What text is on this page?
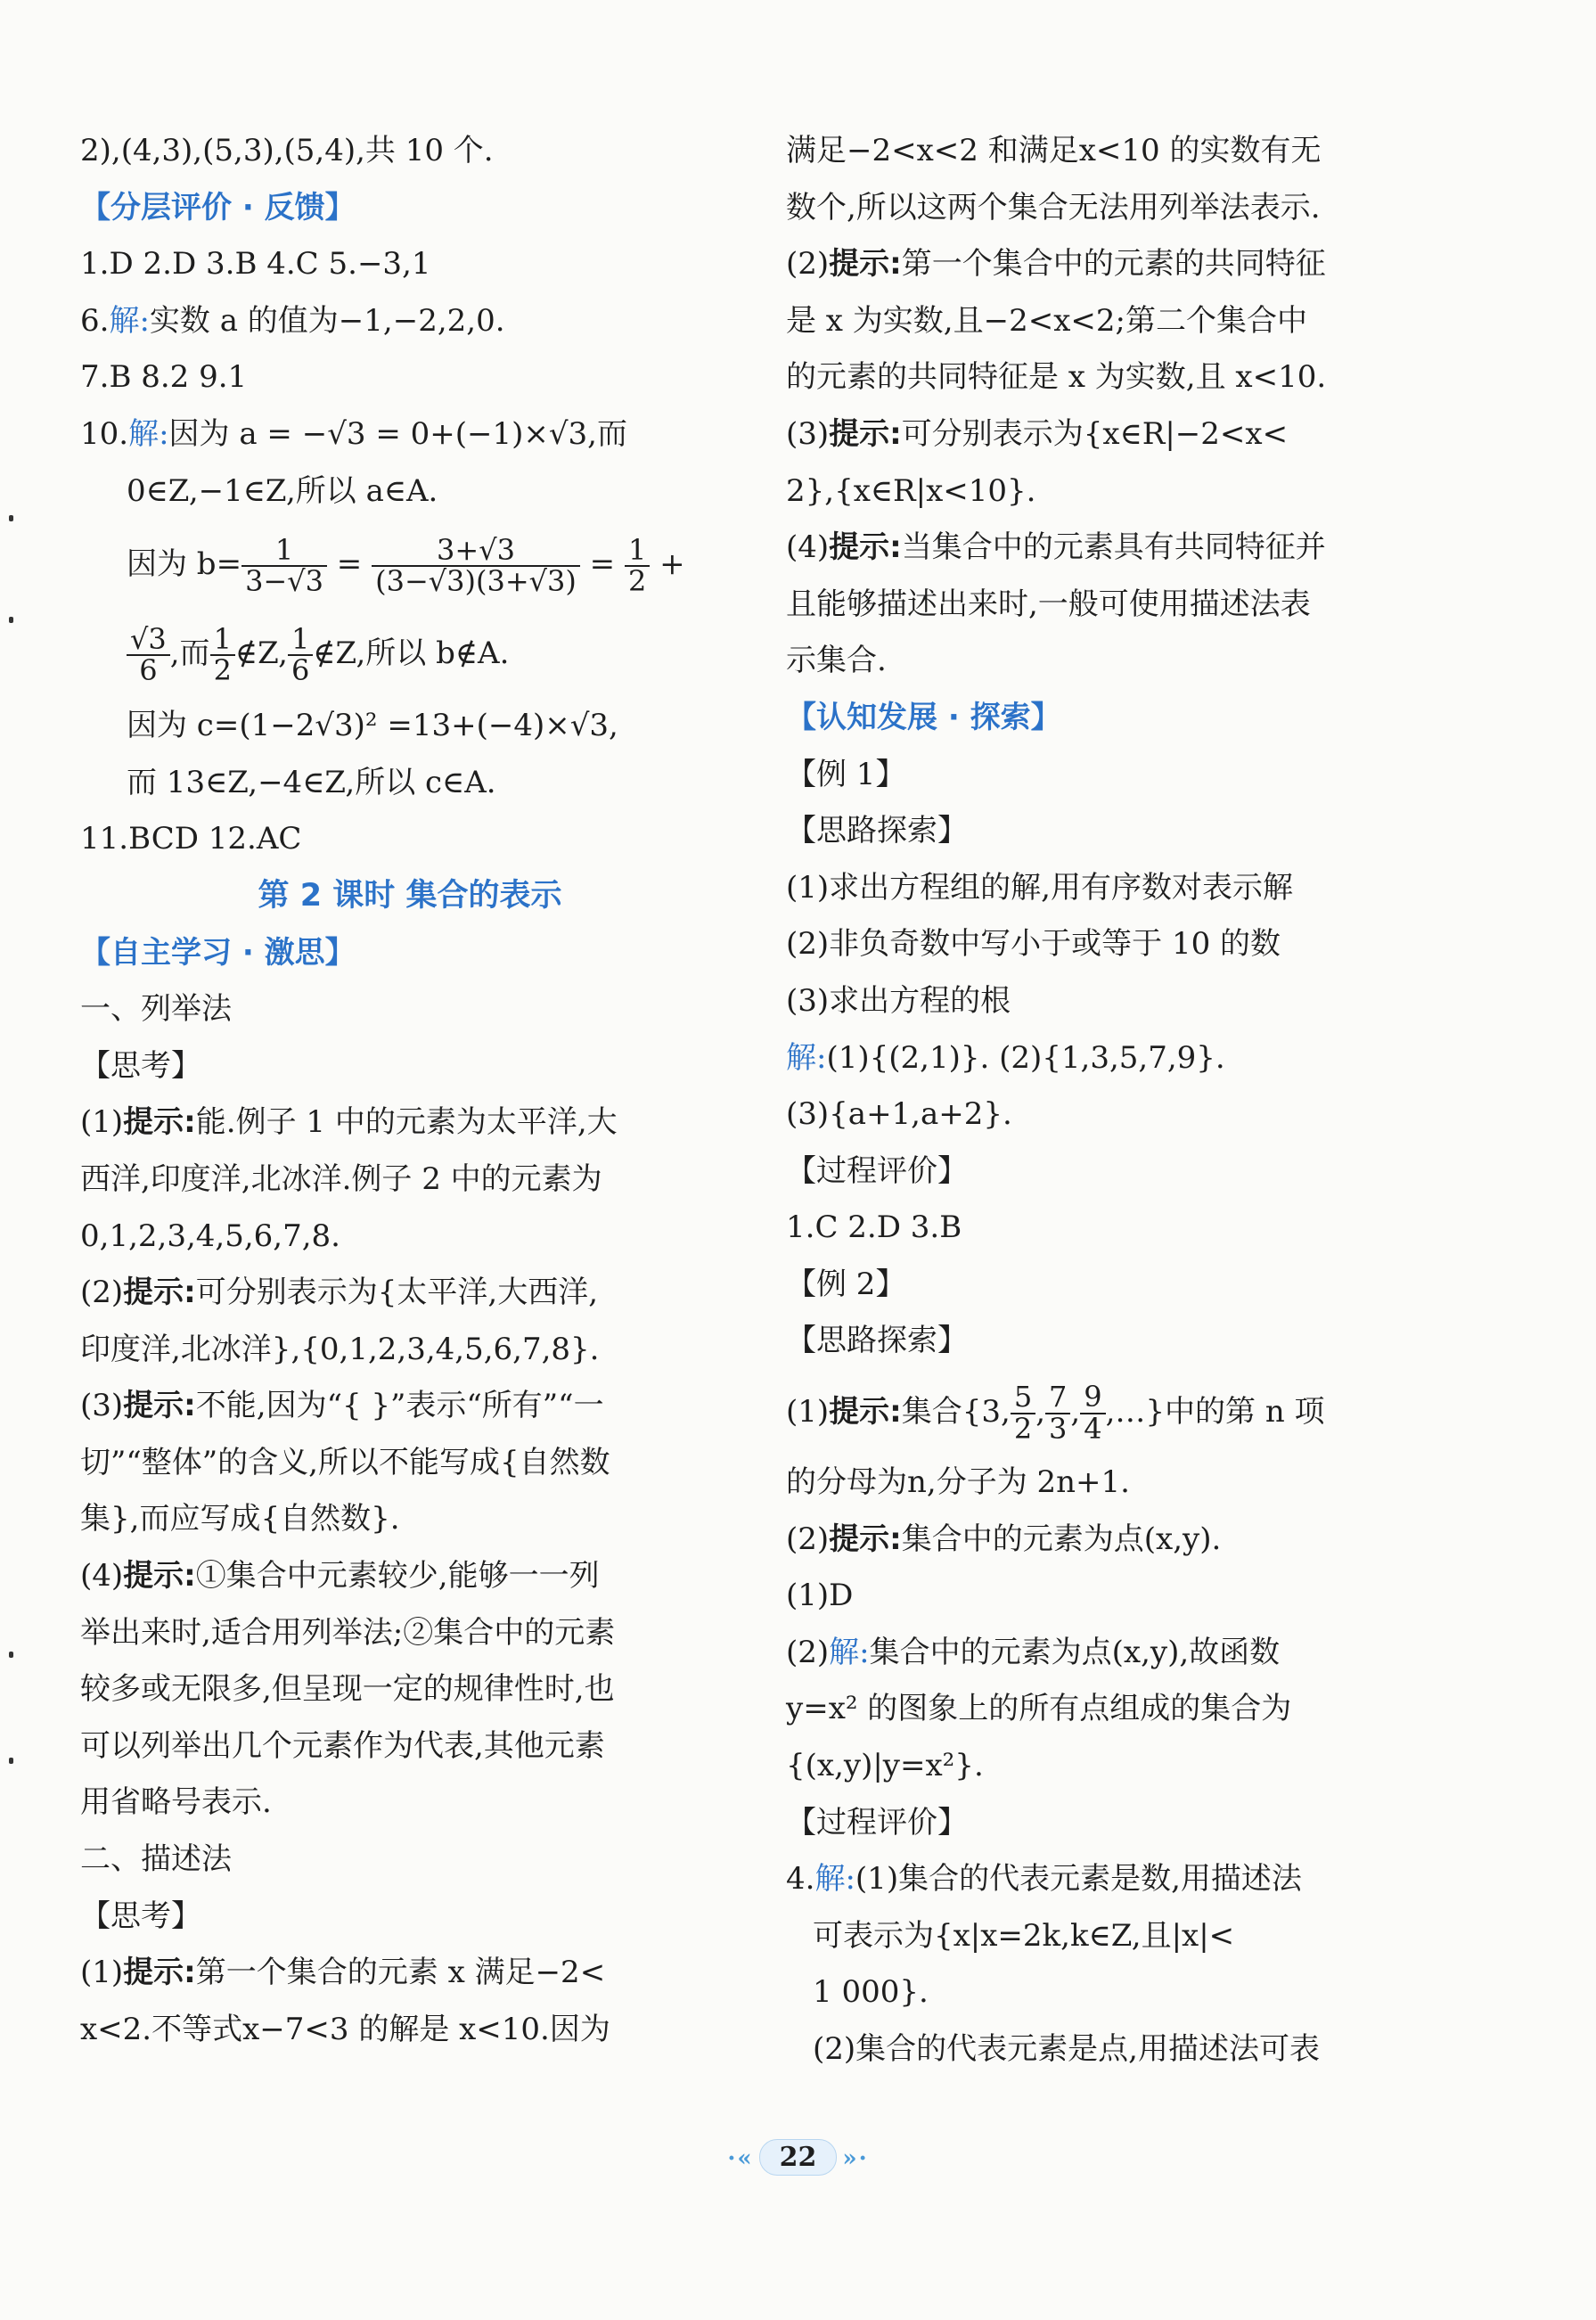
2),(4,3),(5,3),(5,4),共 10 个.
【分层评价 · 反馈】
1.D 2.D 3.B 4.C 5.−3,1
6.解:实数 a 的值为−1,−2,2,0.
7.B 8.2 9.1
10.解:因为 a = −√3 = 0+(−1)×√3,而
0∈Z,−1∈Z,所以 a∈A.
因为 $b= \frac{1}{3-√3} = \frac{3+√3}{(3-√3)(3+√3)} = \frac{1}{2}$ +
$\frac{√3}{6}$ ,而 $\frac{1}{2}$ ∉Z, $\frac{1}{6}$ ∉Z,所以 b∉A.
因为 c=(1−2√3)² =13+(−4)×√3,
而 13∈Z,−4∈Z,所以 c∈A.
11.BCD 12.AC
第 2 课时 集合的表示
【自主学习 · 激思】
一、列举法
【思考】
(1)提示:能.例子 1 中的元素为太平洋,大
西洋,印度洋,北冰洋.例子 2 中的元素为
0,1,2,3,4,5,6,7,8.
(2)提示:可分别表示为{太平洋,大西洋,
印度洋,北冰洋},{0,1,2,3,4,5,6,7,8}.
(3)提示:不能,因为“{ }”表示“所有”“一
切”“整体”的含义,所以不能写成{自然数
集},而应写成{自然数}.
(4)提示:①集合中元素较少,能够一一列
举出来时,适合用列举法;②集合中的元素
较多或无限多,但呈现一定的规律性时,也
可以列举出几个元素作为代表,其他元素
用省略号表示.
二、描述法
【思考】
(1)提示:第一个集合的元素 x 满足−2<
x<2.不等式x−7<3 的解是 x<10.因为
满足−2<x<2 和满足x<10 的实数有无
数个,所以这两个集合无法用列举法表示.
(2)提示:第一个集合中的元素的共同特征
是 x 为实数,且−2<x<2;第二个集合中
的元素的共同特征是 x 为实数,且 x<10.
(3)提示:可分别表示为{x∈R|−2<x<
2},{x∈R|x<10}.
(4)提示:当集合中的元素具有共同特征并
且能够描述出来时,一般可使用描述法表
示集合.
【认知发展 · 探索】
【例 1】
【思路探索】
(1)求出方程组的解,用有序数对表示解
(2)非负奇数中写小于或等于 10 的数
(3)求出方程的根
解:(1){(2,1)}. (2){1,3,5,7,9}.
(3){a+1,a+2}.
【过程评价】
1.C 2.D 3.B
【例 2】
【思路探索】
(1)提示:集合{3, $\frac{5}{2}$ , $\frac{7}{3}$ , $\frac{9}{4}$ ,…}中的第 n 项
的分母为n,分子为 2n+1.
(2)提示:集合中的元素为点(x,y).
(1)D
(2)解:集合中的元素为点(x,y),故函数
y=x² 的图象上的所有点组成的集合为
{(x,y)|y=x²}.
【过程评价】
4.解:(1)集合的代表元素是数,用描述法
可表示为{x|x=2k,k∈Z,且|x|<
1 000}.
(2)集合的代表元素是点,用描述法可表
·« 22 »·
